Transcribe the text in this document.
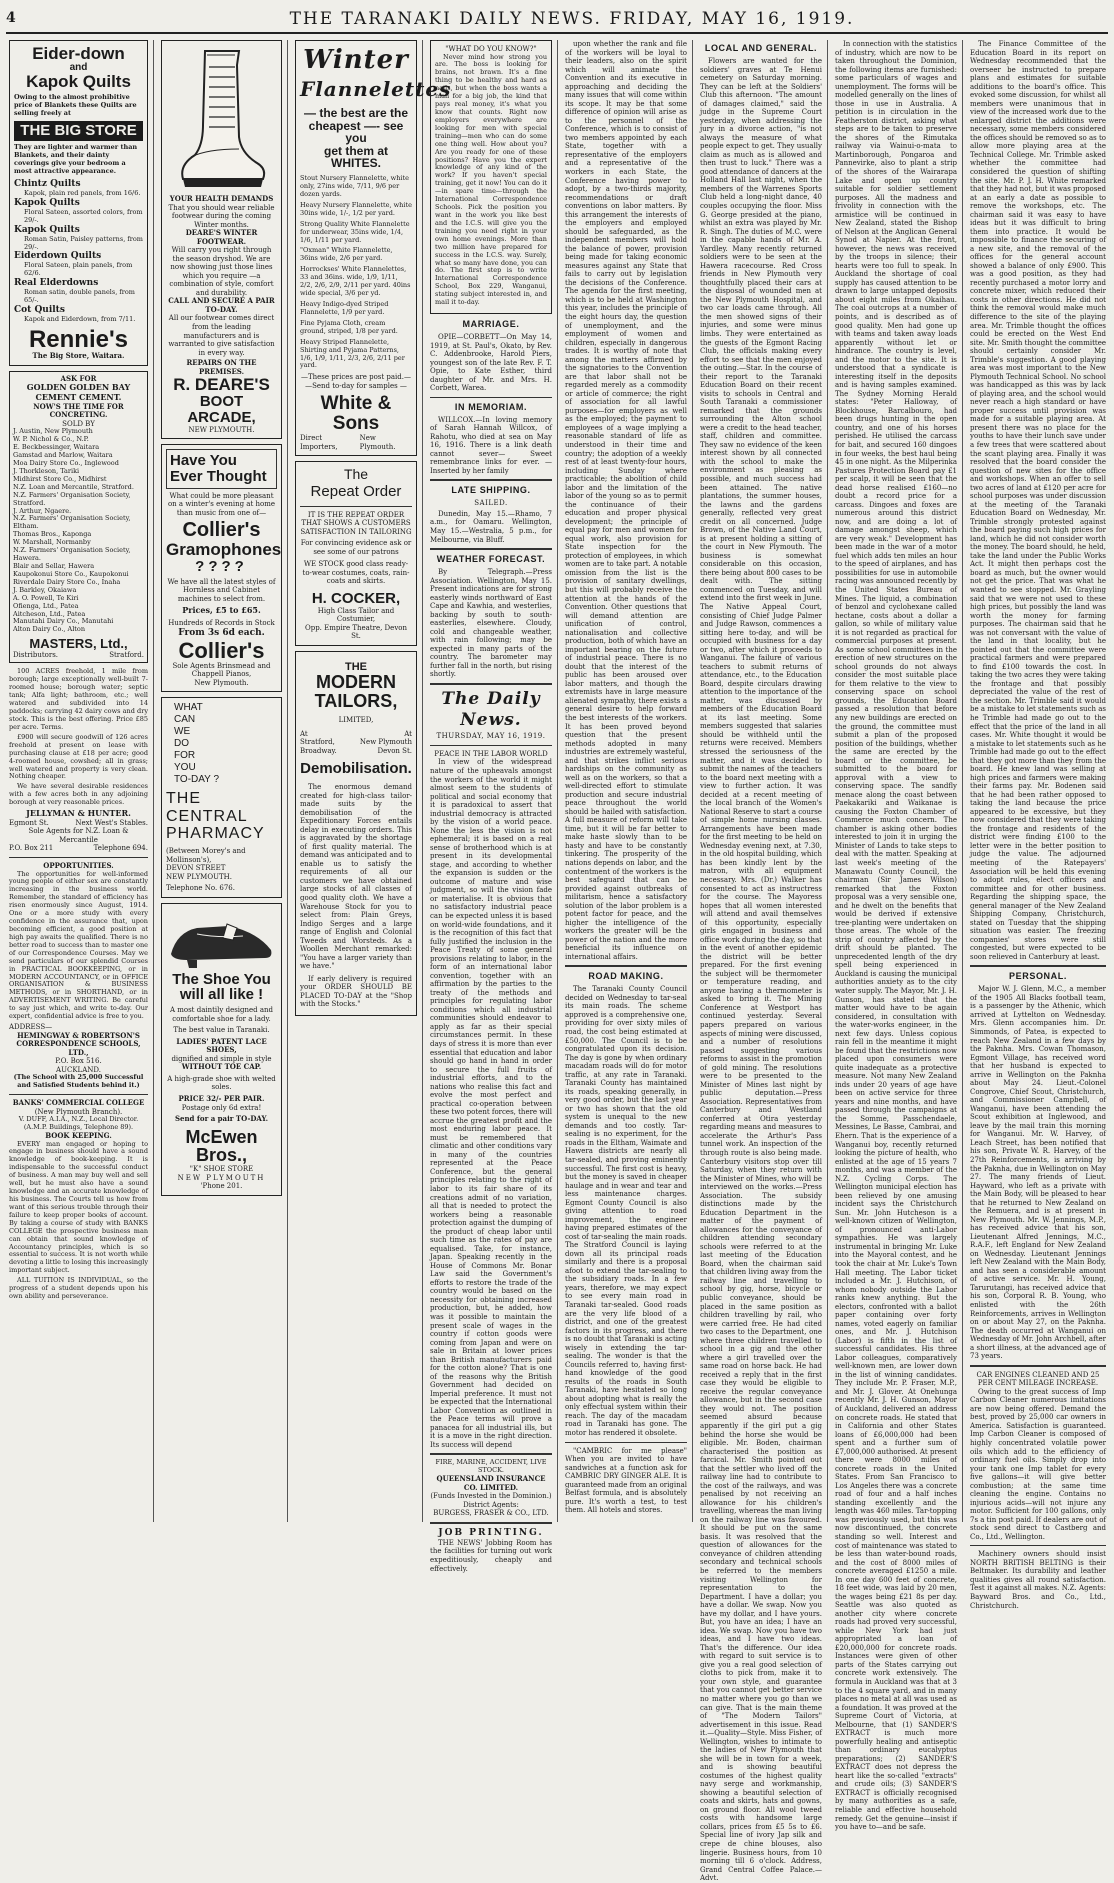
4	THE TARANAKI DAILY NEWS. FRIDAY, MAY 16, 1919.
Eider-down
and
Kapok Quilts
Owing to the almost prohibitive price of Blankets these Quilts are selling freely at
THE BIG STORE
They are lighter and warmer than Blankets, and their dainty coverings give your bedroom a most attractive appearance.
Chintz Quilts
Kapok, plain red panels, from 16/6.
Kapok Quilts
Floral Sateen, assorted colors, from 29/-.
Kapok Quilts
Roman Satin, Paisley patterns, from 29/-.
Eiderdown Quilts
Floral Sateen, plain panels, from 62/6.
Real Elderdowns
Roman satin, double panels, from 65/-.
Cot Quilts
Kapok and Eiderdown, from 7/11.
Rennie's
The Big Store, Waitara.
ASK FOR
GOLDEN GOLDEN BAY CEMENT CEMENT.
NOW'S THE TIME FOR CONCRETING.
SOLD BY
J. Austin, New Plymouth
W. P. Nichol & Co., N.P.
E. Beckbessinger, Waitara
Gamstad and Marlow, Waitara
Moa Dairy Store Co., Inglewood
J. Thorkleson, Tariki
Midhirst Store Co., Midhirst
N.Z. Loan and Mercantile, Stratford.
N.Z. Farmers' Organisation Society, Stratford.
J. Arthur, Ngaere.
N.Z. Farmers' Organisation Society, Eltham.
Thomas Bros., Kaponga
W. Marshall, Normanby
N.Z. Farmers' Organisation Society, Hawera.
Blair and Sellar, Hawera
Kaupokonui Store Co., Kaupokonui
Riverdale Dairy Store Co., Inaha
J. Barkley, Okaiawa
A. O. Powell, Te Kiri
Ofienga, Ltd., Patea
Aitcheson, Ltd., Patea
Manutahi Dairy Co., Manutahi
Alton Dairy Co., Alton
MASTERS, Ltd.,
Distributors.	Stratford.

100 ACRES freehold, 1 mile from borough; large exceptionally well-built 7-roomed house; borough water; septic tank; Alfa light; bathroom, etc.; well watered and subdivided into 14 paddocks; carrying 42 dairy cows and dry stock. This is the best offering. Price £85 per acre. Terms.

£900 will secure goodwill of 126 acres freehold at present on lease with purchasing clause at £18 per acre; good 4-roomed house, cowshed; all in grass; well watered and property is very clean. Nothing cheaper.

We have several desirable residences with a few acres both in any adjoining borough at very reasonable prices.

JELLYMAN & HUNTER.
Egmont St.	Next West's Stables.
Sole Agents for N.Z. Loan & Mercantile
P.O. Box 211	Telephone 694.
OPPORTUNITIES.

The opportunities for well-informed young people of either sex are constantly increasing in the business world. Remember, the standard of efficiency has risen enormously since August, 1914. One or a more study with every confidence in the assurance that, upon becoming efficient, a good position at high pay awaits the qualified. There is no better road to success than to master one of our Correspondence Courses. May we send particulars of our splendid Courses in PRACTICAL BOOKKEEPING, or in MODERN ACCOUNTANCY, or in OFFICE ORGANISATION & BUSINESS METHODS, or in SHORTHAND, or in ADVERTISEMENT WRITING. Be careful to say just which, and write to-day. Our expert, confidential advice is free to you.

ADDRESS—
HEMINGWAY & ROBERTSON'S CORRESPONDENCE SCHOOLS, LTD.,
P.O. Box 516.
AUCKLAND.
(The School with 25,000 Successful and Satisfied Students behind it.)
BANKS' COMMERCIAL COLLEGE
(New Plymouth Branch).
V. DUFF, A.I.A., N.Z., Local Director. (A.M.P. Buildings, Telephone 89).
BOOK KEEPING.

EVERY man engaged or hoping to engage in business should have a sound knowledge of book-keeping. It is indispensable to the successful conduct of business. A man may buy well and sell well, but he must also have a sound knowledge and an accurate knowledge of his business. The Courts tell us how from want of this serious trouble through their failure to keep proper books of account. By taking a course of study with BANKS COLLEGE the prospective business man can obtain that sound knowledge of Accountancy principles, which is so essential to success. It is not worth while devoting a little to losing this increasingly important subject.

ALL TUITION IS INDIVIDUAL, so the progress of a student depends upon his own ability and perseverance.

YOUR HEALTH DEMANDS
That you should wear reliable footwear during the coming Winter months.
DEARE'S WINTER FOOTWEAR.
Will carry you right through the season dryshod. We are now showing just those lines which you require —a combination of style, comfort and durability.
CALL AND SECURE A PAIR TO-DAY.
All our footwear comes direct from the leading manufacturers and is warranted to give satisfaction in every way.
REPAIRS ON THE PREMISES.
R. DEARE'S
BOOT
ARCADE,
NEW PLYMOUTH.
Have You
Ever Thought
What could be more pleasant on a winter's evening at home than music from one of—
Collier's
Gramophones
????
We have all the latest styles of Hornless and Cabinet machines to select from.
Prices, £5 to £65.
Hundreds of Records in Stock
From 3s 6d each.
Collier's
Sole Agents Brinsmead and Chappell Pianos,
New Plymouth.
WHAT
CAN
WE
DO
FOR
YOU
TO-DAY ?
THE CENTRAL PHARMACY
(Between Morey's and Mollinson's),
DEVON STREET
NEW PLYMOUTH.
Telephone No. 676.
The Shoe You
will all like !
A most daintily designed and comfortable shoe for a lady.
The best value in Taranaki.
LADIES' PATENT LACE SHOES,
dignified and simple in style
WITHOUT TOE CAP.
A high-grade shoe with welted soles.
PRICE 32/- PER PAIR.
Postage only 6d extra!
Send for a pair TO-DAY.
McEwen Bros.,
"K" SHOE STORE
NEW PLYMOUTH
'Phone 201.
Winter
Flannelettes
— the best are the
cheapest —- see you
get them at WHITES.
Stout Nursery Flannelette, white only, 27ins wide, 7/11, 9/6 per dozen yards.
Heavy Nursery Flannelette, white 30ins wide, 1/-, 1/2 per yard.
Strong Quality White Flannelette for underwear, 35ins wide, 1/4, 1/6, 1/11 per yard.
"Oxman" White Flannelette, 36ins wide, 2/6 per yard.
Horrockses' White Flannelettes, 33 and 36ins. wide, 1/9, 1/11, 2/2, 2/6, 2/9, 2/11 per yard. 40ins wide special, 3/6 per yd.
Heavy Indigo-dyed Striped Flannelette, 1/9 per yard.
Fine Pyjama Cloth, cream ground, striped, 1/8 per yard.
Heavy Striped Flannelette, Shirting and Pyjama Patterns, 1/6, 1/9, 1/11, 2/3, 2/6, 2/11 per yard.
—These prices are post paid.—
—Send to-day for samples —
White & Sons
Direct Importers,
New Plymouth.
The
Repeat Order
IT IS THE REPEAT ORDER THAT SHOWS A CUSTOMERS SATISFACTION IN TAILORING
For convincing evidence ask or see some of our patrons
WE STOCK good class ready-to-wear costumes, coats, rain-coats and skirts.
H. COCKER,
High Class Tailor and Costumier,
Opp. Empire Theatre, Devon St.
THE
MODERN
TAILORS,
LIMITED,
At	At
Stratford,	New Plymouth
Broadway.	Devon St.
Demobilisation.

The enormous demand created for high-class tailor-made suits by the demobilisation of the Expeditionary Forces entails delay in executing orders. This is aggravated by the shortage of first quality material. The demand was anticipated and to enable us to satisfy the requirements of all our customers we have obtained large stocks of all classes of good quality cloth. We have a Warehouse Stock for you to select from: Plain Greys, Indigo Serges and a large range of English and Colonial Tweeds and Worsteds. As a Woollen Merchant remarked: "You have a larger variety than we have."

If early delivery is required your ORDER SHOULD BE PLACED TO-DAY at the "Shop with the Stocks."

"WHAT DO YOU KNOW?"

Never mind how strong you are. The boss is looking for brains, not brawn. It's a fine thing to be healthy and hard as nails, but when the boss wants a man for a big job, the kind that pays real money, it's what you know that counts. Right now employers everywhere are looking for men with special training—men who can do some one thing well. How about you? Are you ready for one of these positions? Have you the expert knowledge of any kind of the work? If you haven't special training, get it now! You can do it—in spare time—through the International Correspondence Schools. Pick the position you want in the work you like best and the I.C.S. will give you the training you need right in your own home evenings. More than two million have prepared for success in the I.C.S. way. Surely, what so many have done, you can do. The first step is to write International Correspondence School, Box 229, Wanganui, stating subject interested in, and mail it to-day.

MARRIAGE.

OPIE—CORBETT—On May 14, 1919, at St. Paul's, Okato, by Rev. C. Addenbrooke, Harold Piers, youngest son of the late Rev. F. T. Opie, to Kate Esther, third daughter of Mr. and Mrs. H. Corbett, Warea.

IN MEMORIAM.

WILLCOX.—In loving memory of Sarah Hannah Willcox, of Rahotu, who died at sea on May 16, 1916. There is a link death cannot sever— Sweet remembrance links for ever. —Inserted by her family

LATE SHIPPING.
SAILED.

Dunedin, May 15.—Rhamo, 7 a.m., for Oamaru. Wellington, May 15.—Westralia, 5 p.m., for Melbourne, via Bluff.

WEATHER FORECAST.

By Telegraph.—Press Association. Wellington, May 15. Present indications are for strong easterly winds northward of East Cape and Kawhia, and westerlies, backing by south to south-easterlies, elsewhere. Cloudy, cold and changeable weather, with rain following; may be expected in many parts of the country. The barometer may further fall in the north, but rising shortly.

The Daily News.
THURSDAY, MAY 16, 1919.
PEACE IN THE LABOR WORLD

In view of the widespread nature of the upheavals amongst the workers of the world it might almost seem to the students of political and social economy that it is paradoxical to assert that industrial democracy is attracted by the vision of a world peace. None the less the vision is not ephemeral; it is based on a real sense of brotherhood which is at present in its developmental stage, and according to whether the expansion is sudden or the outcome of mature and wise judgment, so will the vision fade or materialise. It is obvious that no satisfactory industrial peace can be expected unless it is based on world-wide foundations, and it is the recognition of this fact that fully justified the inclusion in the Peace Treaty of some general provisions relating to labor, in the form of an international labor convention, together with an affirmation by the parties to the treaty of the methods and principles for regulating labor conditions which all industrial communities should endeavor to apply as far as their special circumstances permit. In these days of stress it is more than ever essential that education and labor should go hand in hand in order to secure the full fruits of industrial efforts, and to the nations who realise this fact and evolve the most perfect and practical co-operation between these two potent forces, there will accrue the greatest profit and the most enduring labor peace. It must be remembered that climatic and other conditions vary in many of the countries represented at the Peace Conference, but the general principles relating to the right of labor to its fair share of its creations admit of no variation, all that is needed to protect the workers being a reasonable protection against the dumping of the product of cheap labor until such time as the rates of pay are equalised. Take, for instance, Japan. Speaking recently in the House of Commons Mr. Bonar Law said the Government's efforts to restore the trade of the country would be based on the necessity for obtaining increased production, but, he added, how was it possible to maintain the present scale of wages in the country if cotton goods were coming from Japan and were on sale in Britain at lower prices than British manufacturers paid for the cotton alone? That is one of the reasons why the British Government had decided on Imperial preference. It must not be expected that the International Labor Convention as outlined in the Peace terms will prove a panacea for all industrial ills, but it is a move in the right direction. Its success will depend

FIRE, MARINE, ACCIDENT, LIVE STOCK.
QUEENSLAND INSURANCE CO. LIMITED.
(Funds Invested in the Dominion.)
District Agents:
BURGESS, FRASER & CO., LTD.
JOB PRINTING.

THE NEWS' Jobbing Room has the facilities for turning out work expeditiously, cheaply and effectively.

upon whether the rank and file of the workers will be loyal to their leaders, also on the spirit which will animate the Convention and its executive in approaching and deciding the many issues that will come within its scope. It may be that some difference of opinion will arise as to the personnel of the Conference, which is to consist of two members appointed by each State, together with a representative of the employers and a representative of the workers in each State, the Conference having power to adopt, by a two-thirds majority, recommendations or draft conventions on labor matters. By this arrangement the interests of the employers and employed should be safeguarded, as the independent members will hold the balance of power, provision being made for taking economic measures against any State that fails to carry out by legislation the decisions of the Conference. The agenda for the first meeting, which is to be held at Washington this year, includes the principle of the eight hours day, the question of unemployment, and the employment of women and children, especially in dangerous trades. It is worthy of note that among the matters affirmed by the signatories to the Convention are that labor shall not be regarded merely as a commodity or article of commerce; the right of association for all lawful purposes—for employers as well as the employed; the payment to employees of a wage implying a reasonable standard of life as understood in their time and country; the adoption of a weekly rest of at least twenty-four hours, including Sunday where practicable; the abolition of child labor and the limitation of the labor of the young so as to permit the continuance of their education and proper physical development; the principle of equal pay for men and women for equal work, also provision for State inspection for the protection of employees, in which women are to take part. A notable omission from the list is the provision of sanitary dwellings, but this will probably receive the attention at the hands of the Convention. Other questions that will demand attention are unification of control, nationalisation and collective production, both of which have an important bearing on the future of industrial peace. There is no doubt that the interest of the public has been aroused over labor matters, and though the extremists have in large measure alienated sympathy, there exists a general desire to help forward the best interests of the workers. It has been proved beyond question that the present methods adopted in many industries are extremely wasteful, and that strikes inflict serious hardships on the community as well as on the workers, so that a well-directed effort to stimulate production and secure industrial peace throughout the world should be hailed with satisfaction. A full measure of reform will take time, but it will be far better to make haste slowly than to be hasty and have to be constantly tinkering. The prosperity of the nations depends on labor, and the contentment of the workers is the best safeguard that can be provided against outbreaks of militarism, hence a satisfactory solution of the labor problem is a potent factor for peace, and the higher the intelligence of the workers the greater will be the power of the nation and the more beneficial its influence on international affairs.

ROAD MAKING.

The Taranaki County Council decided on Wednesday to tar-seal its main roads. The scheme approved is a comprehensive one, providing for over sixty miles of road, the cost being estimated at £50,000. The Council is to be congratulated upon its decision. The day is gone by when ordinary macadam roads will do for motor traffic, at any rate in Taranaki. Taranaki County has maintained its roads, speaking generally, in very good order, but the last year or two has shown that the old system is unequal to the new demands and too costly. Tar-sealing is no experiment, for the roads in the Eltham, Waimate and Hawera districts are nearly all tar-sealed, and proving eminently successful. The first cost is heavy, but the money is saved in cheaper haulage and in wear and tear and less maintenance charges. Egmont County Council is also giving attention to road improvement, the engineer having prepared estimates of the cost of tar-sealing the main roads. The Stratford Council is laying down all its principal roads similarly and there is a proposal afoot to extend the tar-sealing to the subsidiary roads. In a few years, therefore, we may expect to see every main road in Taranaki tar-sealed. Good roads are the very life blood of a district, and one of the greatest factors in its progress, and there is no doubt that Taranaki is acting wisely in extending the tar-sealing. The wonder is that the Councils referred to, having first-hand knowledge of the good results of the roads in South Taranaki, have hesitated so long about adopting what is really the only effectual system within their reach. The day of the macadam road in Taranaki has gone. The motor has rendered it obsolete.

"CAMBRIC for me please" When you are invited to have sandwiches at a function ask for CAMBRIC DRY GINGER ALE. It is guaranteed made from an original Belfast formula, and is absolutely pure. It's worth a test, to test them. All hotels and stores.

LOCAL AND GENERAL.

Flowers are wanted for the soldiers' graves at Te Henui cemetery on Saturday morning. They can be left at the Soldiers' Club this afternoon. "The amount of damages claimed," said the judge in the Supreme Court yesterday, when addressing the jury in a divorce action, "is not always the measure of what people expect to get. They usually claim as much as is allowed and then trust to luck." There was a good attendance of dancers at the Holland Hall last night, when the members of the Warrenes Sports Club held a long-night dance, 40 couples occupying the floor. Miss G. George presided at the piano, whilst an extra was played by Mr. R. Singh. The duties of M.C. were in the capable hands of Mr. A. Yardley. Many recently returned soldiers were to be seen at the Hawera racecourse. Red Cross friends in New Plymouth very thoughtfully placed their cars at the disposal of wounded men at the New Plymouth Hospital, and two car loads came through. All the men showed signs of their injuries, and some were minus limbs. They were entertained as the guests of the Egmont Racing Club, the officials making every effort to see that the men enjoyed the outing.—Star. In the course of their report to the Taranaki Education Board on their recent visits to schools in Central and South Taranaki a commissioner remarked that the grounds surrounding the Alton school were a credit to the head teacher, staff, children and committee. They saw no evidence of the keen interest shown by all connected with the school to make the environment as pleasing as possible, and much success had been attained. The native plantations, the summer houses, the lawns and the gardens generally, reflected very great credit on all concerned. Judge Brown, of the Native Land Court, is at present holding a sitting of the court in New Plymouth. The business is somewhat considerable on this occasion, there being about 800 cases to be dealt with. The sitting commenced on Tuesday, and will extend into the first week in June. The Native Appeal Court, consisting of Chief Judge Palmer and Judge Rawson, commences a sitting here to-day, and will be occupied with business for a day or two, after which it proceeds to Wanganui. The failure of various teachers to submit returns of attendance, etc., to the Education Board, despite circulars drawing attention to the importance of the matter, was discussed by members of the Education Board at its last meeting. Some members suggested that salaries should be withheld until the returns were received. Members stressed the seriousness of the matter, and it was decided to submit the names of the teachers to the board next meeting with a view to further action. It was decided at a recent meeting of the local branch of the Women's National Reserve to start a course of simple home nursing classes. Arrangements have been made for the first meeting to be held on Wednesday evening next, at 7.30, in the old hospital building, which has been kindly lent by the matron, with all equipment necessary. Mrs. (Dr.) Walker has consented to act as instructress for the course. The Mayoress hopes that all women interested will attend and avail themselves of this opportunity, especially girls engaged in business and office work during the day, so that in the event of another epidemic the district will be better prepared. For the first evening the subject will be thermometer or temperature reading, and anyone having a thermometer is asked to bring it. The Mining Conference at Westport has continued yesterday. Several papers prepared on various aspects of mining were discussed, and a number of resolutions passed suggesting various reforms to assist in the promotion of gold mining. The resolutions were to be presented to the Minister of Mines last night by public deputation.—Press Association. Representatives from Canterbury and Westland conferred at Otira yesterday regarding means and measures to accelerate the Arthur's Pass tunnel work. An inspection of the through route is also being made. Canterbury visitors stop over till Saturday, when they return with the Minister of Mines, who will be interviewed on the works.—Press Association. The subsidy distinctions made by the Education Department in the matter of the payment of allowances for the conveyance of children attending secondary schools were referred to at the last meeting of the Education Board, when the chairman said that children living away from the railway line and travelling to school by gig, horse, bicycle or public conveyance, should be placed in the same position as children travelling by rail, who were carried free. He had cited two cases to the Department, one where three children travelled to school in a gig and the other where a girl travelled over the same road on horse back. He had received a reply that in the first case they would be eligible to receive the regular conveyance allowance, but in the second case they would not. The position seemed absurd because apparently if the girl put a gig behind the horse she would be eligible. Mr. Boden, chairman characterised the position as farcical. Mr. Smith pointed out that the settler who lived off the railway line had to contribute to the cost of the railways, and was penalised by not receiving an allowance for his children's travelling, whereas the man living on the railway line was favoured. It should be put on the same basis. It was resolved that the question of allowances for the conveyance of children attending secondary and technical schools be referred to the members visiting Wellington for representation to the Department. I have a dollar; you have a dollar. We swap. Now you have my dollar, and I have yours. But, you have an idea; I have an idea. We swap. Now you have two ideas, and I have two ideas. That's the difference. Our idea with regard to suit service is to give you a real good selection of cloths to pick from, make it to your own style, and guarantee that you cannot get better service no matter where you go than we can give. That is the main theme of "The Modern Tailors" advertisement in this issue. Read it.—Quality—Style. Miss Fisher, of Wellington, wishes to intimate to the ladies of New Plymouth that she will be in town for a week, and is showing beautiful costumes of the highest quality navy serge and workmanship, showing a beautiful selection of coats and skirts, hats and gowns, on ground floor. All wool tweed costs with handsome large collars, prices from £5 5s to £6. Special line of ivory Jap silk and crepe de chine blouses, also lingerie. Business hours, from 10 morning till 6 o'clock. Address, Grand Central Coffee Palace.—Advt.

In connection with the statistics of industry, which are now to be taken throughout the Dominion, the following items are furnished: some particulars of wages and unemployment. The forms will be modelled generally on the lines of those in use in Australia. A petition is in circulation in the Featherston district, asking what steps are to be taken to preserve the shores of the Rimutaka railway via Wainui-o-mata to Martinborough, Pongaroa and Pannevirke, also to plant a strip of the shores of the Wairarapa Lake and open up country suitable for soldier settlement purposes. All the madness and frivolity in connection with the armistice will be continued in New Zealand, stated the Bishop of Nelson at the Anglican General Synod at Napier. At the front, however, the news was received by the troops in silence; their hearts were too full to speak. In Auckland the shortage of coal supply has caused attention to be drawn to large untapped deposits about eight miles from Okaihau. The coal outcrops at a number of points, and is described as of good quality. Men had gone up with teams and taken away loads apparently without let or hindrance. The country is level, and the motor to the site. It is understood that a syndicate is interesting itself in the deposits and is having samples examined. The Sydney Morning Herald states: "Peter Halloway, of Blockhouse, Barcalbouro, had been drugs hunting in the open country, and one of his horses perished. He utilised the carcass for bait, and secured 160 dingoes in four weeks, the best haul being 45 in one night. As the Milperinka Pastures Protection Board pay £1 per scalp, it will be seen that the dead horse realised £160—no doubt a record price for a carcass. Dingoes and foxes are numerous around this district now, and are doing a lot of damage amongst sheep, which are very weak." Development has been made in the war of a motor fuel which adds ten miles an hour to the speed of airplanes, and has possibilities for use in automobile racing was announced recently by the United States Bureau of Mines. The liquid, a combination of benzol and cyclohexane called hectane, costs about a dollar a gallon, so while of military value it is not regarded as practical for commercial purposes at present. As some school committees in the erection of new structures on the school grounds do not always consider the most suitable place for them relative to the view to conserving space on school grounds, the Education Board passed a resolution that before any new buildings are erected on the ground, the committee must submit a plan of the proposed position of the buildings, whether the same are erected by the board or the committee, be submitted to the board for approval with a view to conserving space. The sandfly menace along the coast between Paekakariki and Waikanae is causing the Foxton Chamber of Commerce much concern. The chamber is asking other bodies interested to join it in urging the Minister of Lands to take steps to deal with the matter. Speaking at last week's meeting of the Manawatu County Council, the chairman (Sir James Wilson) remarked that the Foxton proposal was a very sensible one, and he dwelt on the benefits that would be derived if extensive tree-planting were undertaken on those areas. The whole of the strip of country affected by the drift should be planted. The unprecedented length of the dry spell being experienced in Auckland is causing the municipal authorities anxiety as to the city water supply. The Mayor, Mr. J. H. Gunson, has stated that the matter would have to be again considered, in consultation with the water-works engineer, in the next few days. Unless copious rain fell in the meantime it might be found that the restrictions now placed upon consumers were quite inadequate as a protective measure. Not many New Zealand inds under 20 years of age have been on active service for three years and nine months, and have passed through the campaigns at the Somme, Passchendaele, Messines, Le Basse, Cambrai, and Ehern. That is the experience of a Wanganui boy, recently returned looking the picture of health, who enlisted at the age of 15 years 7 months, and was a member of the N.Z. Cycling Corps. The Wellington municipal election has been relieved by one amusing incident says the Christchurch Sun. Mr. John Hutcheson is a well-known citizen of Wellington, of pronounced anti-Labor sympathies. He was largely instrumental in bringing Mr. Luke into the Mayoral contest, and he took the chair at Mr. Luke's Town Hall meeting. The Labor ticket included a Mr. J. Hutchison, of whom nobody outside the Labor ranks knew anything. But the electors, confronted with a ballot paper containing over forty names, voted eagerly on familiar ones, and Mr. J. Hutchison (Labor) is fifth in the list of successful candidates. His three Labor colleagues, comparatively well-known men, are lower down in the list of winning candidates. They include Mr. P. Fraser, M.P., and Mr. J. Glover. At Onehunga recently Mr. J. H. Gunson, Mayor of Auckland, delivered an address on concrete roads. He stated that in California and other States loans of £6,000,000 had been spent and a further sum of £7,000,000 authorised. At present there were 8000 miles of concrete roads in the United States. From San Francisco to Los Angeles there was a concrete road of four and a half inches standing excellently and the length was 460 miles. Tar-topping was previously used, but this was now discontinued, the concrete standing so well. Interest and cost of maintenance was stated to be less than water-bound roads, and the cost of 8000 miles of concrete averaged £1250 a mile. In one day 600 feet of concrete, 18 feet wide, was laid by 20 men, the wages being £21 8s per day. Seattle was also quoted as another city where concrete roads had proved very successful, while New York had just appropriated a loan of £20,000,000 for concrete roads. Instances were given of other parts of the States carrying out concrete work extensively. The formula in Auckland was that at 3 to the 4 square yard, and in many places no metal at all was used as a foundation. It was proved at the Supreme Court of Victoria, at Melbourne, that (1) SANDER'S EXTRACT is much more powerfully healing and antiseptic than ordinary eucalyptus preparations; (2) SANDER'S EXTRACT does not depress the heart like the so-called "extracts" and crude oils; (3) SANDER'S EXTRACT is officially recognised by many authorities as a safe, reliable and effective household remedy. Get the genuine—insist if you have to—and be safe.

The Finance Committee of the Education Board in its report on Wednesday recommended that the overseer be instructed to prepare plans and estimates for suitable additions to the board's office. This evoked some discussion, for whilst all members were unanimous that in view of the increased work due to the enlarged district the additions were necessary, some members considered the offices should be removed so as to allow more playing area at the Technical College. Mr. Trimble asked whether the committee had considered the question of shifting the site. Mr. P. J. H. White remarked that they had not, but it was proposed at an early a date as possible to remove the workshops, etc. The chairman said it was easy to have ideas but it was difficult to bring them into practice. It would be impossible to finance the securing of a new site, and the removal of the offices for the general account showed a balance of only £900. This was a good position, as they had recently purchased a motor lorry and concrete mixer, which reduced their costs in other directions. He did not think the removal would make much difference to the site of the playing area. Mr. Trimble thought the offices could be erected on the West End site. Mr. Smith thought the committee should certainly consider Mr. Trimble's suggestion. A good playing area was most important to the New Plymouth Technical School. No school was handicapped as this was by lack of playing area, and the school would never reach a high standard or have proper success until provision was made for a suitable playing area. At present there was no place for the youths to have their lunch save under a few trees that were scattered about the scant playing area. Finally it was resolved that the board consider the question of new sites for the office and workshops. When an offer to sell two acres of land at £120 per acre for school purposes was under discussion at the meeting of the Taranaki Education Board on Wednesday, Mr. Trimble strongly protested against the board paying such high prices for land, which he did not consider worth the money. The board should, he held, take the land under the Public Works Act. It might then perhaps cost the board as much, but the owner would not get the price. That was what he wanted to see stopped. Mr. Grayling said that we were not used to these high prices, but possibly the land was worth the money for farming purposes. The chairman said that he was not conversant with the value of the land in that locality, but he pointed out that the committee were practical farmers and were prepared to find £100 towards the cost. In taking the two acres they were taking the frontage and that possibly depreciated the value of the rest of the section. Mr. Trimble said it would be a mistake to let statements such as he Trimble had made go out to the effect that the price of the land in all cases. Mr. White thought it would be a mistake to let statements such as he Trimble had made go out to the effect that they got more than they from the board. He knew land was selling at high prices and farmers were making their farms pay. Mr. Bodenen said that he had been rather opposed to taking the land because the price appeared to be excessive, but they now considered that they were taking the frontage and residents of the district were finding £100 to the letter were in the better position to judge the value. The adjourned meeting of the Ratepayers' Association will be held this evening to adopt rules, elect officers and committee and for other business. Regarding the shipping space, the general manager of the New Zealand Shipping Company, Christchurch, stated on Tuesday that the shipping situation was easier. The freezing companies' stores were still congested, but were expected to be soon relieved in Canterbury at least.

PERSONAL.

Major W. J. Glenn, M.C., a member of the 1905 All Blacks football team, is a passenger by the Athenic, which arrived at Lyttelton on Wednesday. Mrs. Glenn accompanies him. Dr. Simmonds, of Patea, is expected to reach New Zealand in a few days by the Paknha. Mrs. Cowan Thomason, Egmont Village, has received word that her husband is expected to arrive in Wellington on the Paknha about May 24. Lieut.-Colonel Congrove, Chief Scout, Christchurch, and Commissioner Campbell, of Wanganui, have been attending the Scout exhibition at Inglewood, and leave by the mail train this morning for Wanganui. Mr. W. Harvey, of Leach Street, has been notified that his son, Private W. R. Harvey, of the 27th Reinforcements, is arriving by the Paknha, due in Wellington on May 27. The many friends of Lieut. Hayward, who left as a private with the Main Body, will be pleased to hear that he returned to New Zealand on the Remuera, and is at present in New Plymouth. Mr. W. Jennings, M.P., has received advice that his son, Lieutenant Alfred Jennings, M.C., R.A.F., left England for New Zealand on Wednesday. Lieutenant Jennings left New Zealand with the Main Body, and has seen a considerable amount of active service. Mr. H. Young, Tarurutangi, has received advice that his son, Corporal R. B. Young, who enlisted with the 26th Reinforcements, arrives in Wellington on or about May 27, on the Paknha. The death occurred at Wanganui on Wednesday of Mr. John Archbell, after a short illness, at the advanced age of 73 years.

CAR ENGINES CLEANED AND 25 PER CENT MILEAGE INCREASE.

Owing to the great success of Imp Carbon Cleaner numerous imitations are now being offered. Demand the best, proved by 25,000 car owners in America. Satisfaction is guaranteed. Imp Carbon Cleaner is composed of highly concentrated volatile power oils which add to the efficiency of ordinary fuel oils. Simply drop into your tank one Imp tablet for every five gallons—it will give better combustion; at the same time cleaning the engine. Contains no injurious acids—will not injure any motor. Sufficient for 100 gallons, only 7s a tin post paid. If dealers are out of stock send direct to Castberg and Co., Ltd., Wellington.

Machinery owners should insist NORTH BRITISH BELTING is their Beltmaker. Its durability and leather qualities gives all round satisfaction. Test it against all makes. N.Z. Agents: Bayward Bros. and Co., Ltd., Christchurch.
